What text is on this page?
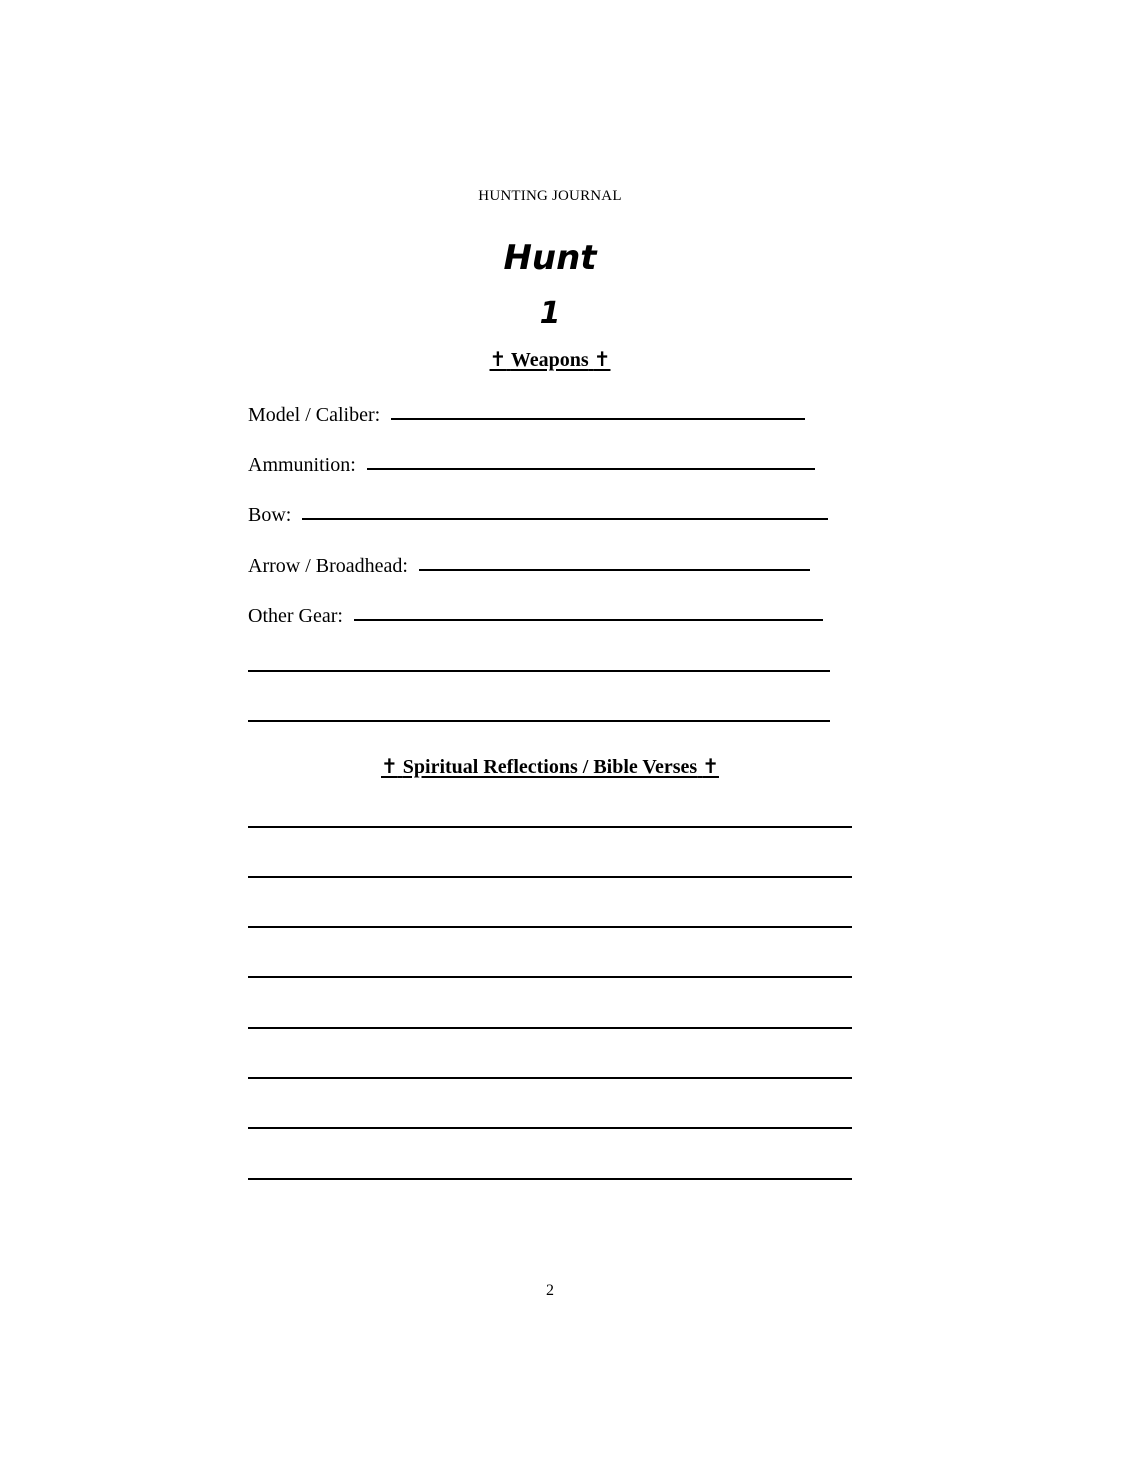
HUNTING JOURNAL
Hunt
1
✝ Weapons ✝
Model / Caliber:
Ammunition:
Bow:
Arrow / Broadhead:
Other Gear:
✝ Spiritual Reflections / Bible Verses ✝
2
